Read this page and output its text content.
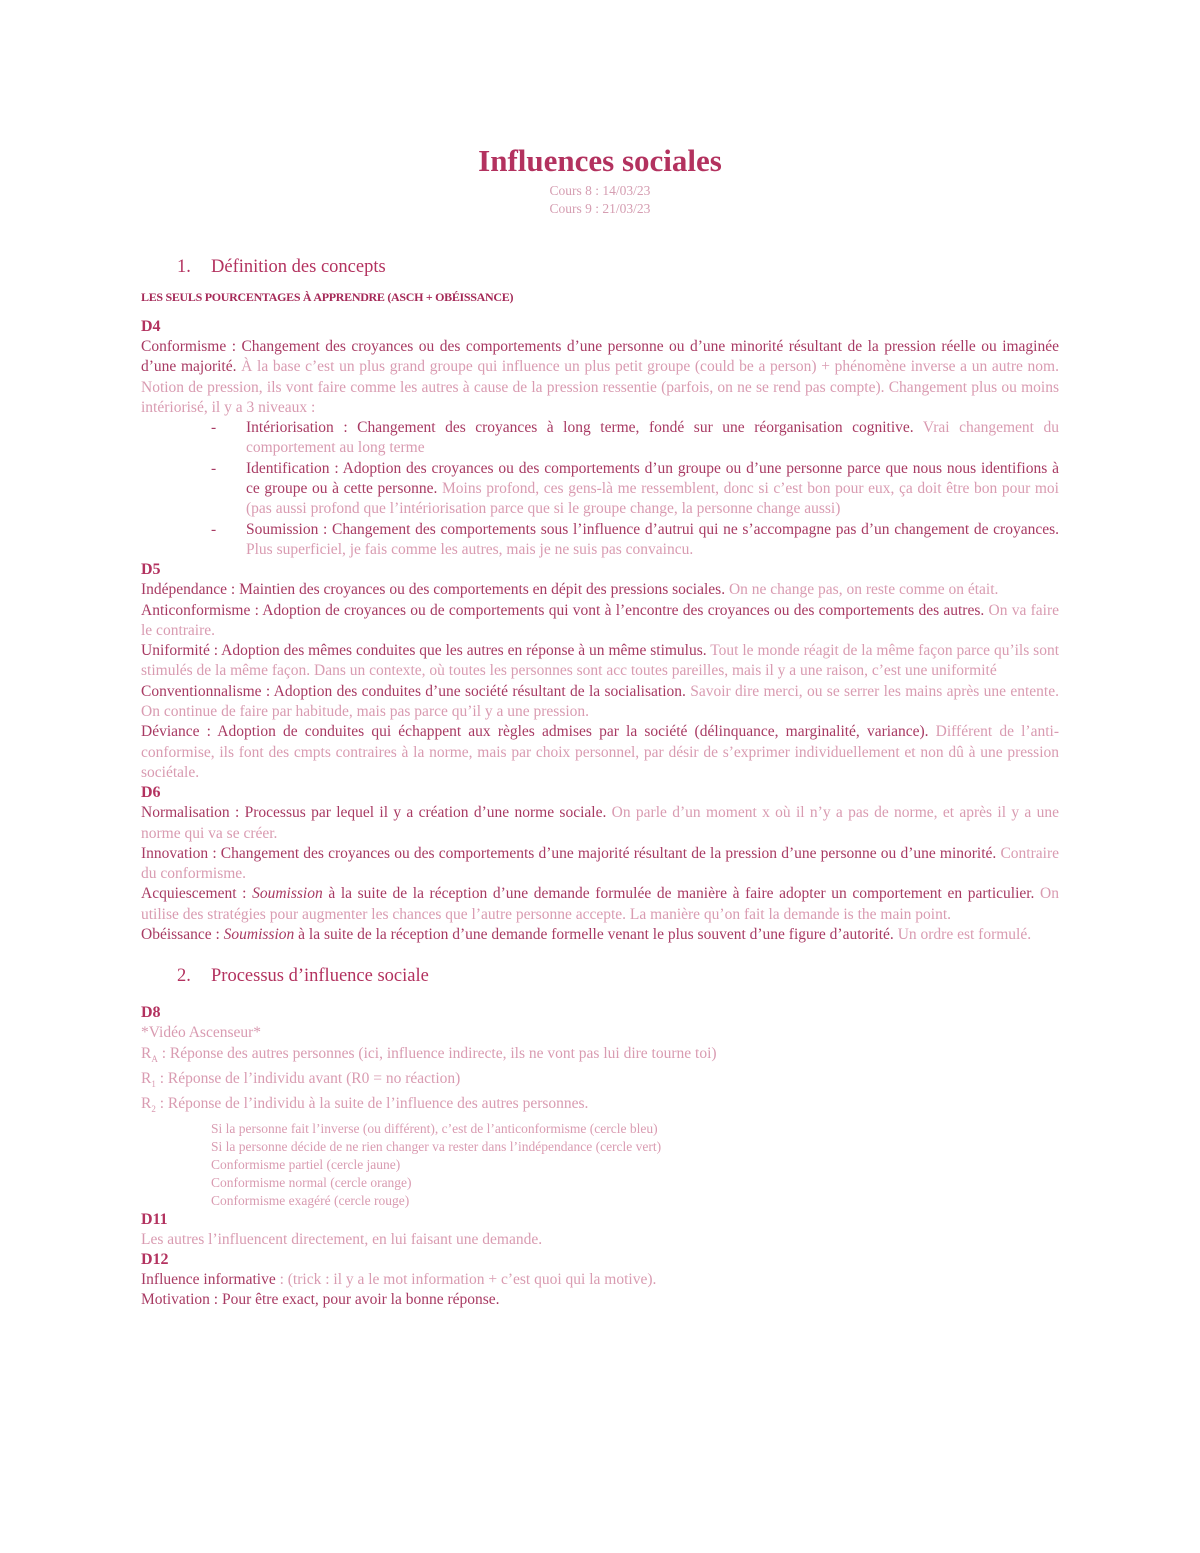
Influences sociales
Cours 8 : 14/03/23
Cours 9 : 21/03/23
1. Définition des concepts
LES SEULS POURCENTAGES À APPRENDRE (ASCH + OBÉISSANCE)
D4
Conformisme : Changement des croyances ou des comportements d’une personne ou d’une minorité résultant de la pression réelle ou imaginée d’une majorité. À la base c’est un plus grand groupe qui influence un plus petit groupe (could be a person) + phénomène inverse a un autre nom. Notion de pression, ils vont faire comme les autres à cause de la pression ressentie (parfois, on ne se rend pas compte). Changement plus ou moins intériorisé, il y a 3 niveaux :
- Intériorisation : Changement des croyances à long terme, fondé sur une réorganisation cognitive. Vrai changement du comportement au long terme
- Identification : Adoption des croyances ou des comportements d’un groupe ou d’une personne parce que nous nous identifions à ce groupe ou à cette personne. Moins profond, ces gens-là me ressemblent, donc si c’est bon pour eux, ça doit être bon pour moi (pas aussi profond que l’intériorisation parce que si le groupe change, la personne change aussi)
- Soumission : Changement des comportements sous l’influence d’autrui qui ne s’accompagne pas d’un changement de croyances. Plus superficiel, je fais comme les autres, mais je ne suis pas convaincu.
D5
Indépendance : Maintien des croyances ou des comportements en dépit des pressions sociales. On ne change pas, on reste comme on était.
Anticonformisme : Adoption de croyances ou de comportements qui vont à l’encontre des croyances ou des comportements des autres. On va faire le contraire.
Uniformité : Adoption des mêmes conduites que les autres en réponse à un même stimulus. Tout le monde réagit de la même façon parce qu’ils sont stimulés de la même façon. Dans un contexte, où toutes les personnes sont acc toutes pareilles, mais il y a une raison, c’est une uniformité
Conventionnalisme : Adoption des conduites d’une société résultant de la socialisation. Savoir dire merci, ou se serrer les mains après une entente. On continue de faire par habitude, mais pas parce qu’il y a une pression.
Déviance : Adoption de conduites qui échappent aux règles admises par la société (délinquance, marginalité, variance). Différent de l’anti-conformise, ils font des cmpts contraires à la norme, mais par choix personnel, par désir de s’exprimer individuellement et non dû à une pression sociétale.
D6
Normalisation : Processus par lequel il y a création d’une norme sociale. On parle d’un moment x où il n’y a pas de norme, et après il y a une norme qui va se créer.
Innovation : Changement des croyances ou des comportements d’une majorité résultant de la pression d’une personne ou d’une minorité. Contraire du conformisme.
Acquiescement : Soumission à la suite de la réception d’une demande formulée de manière à faire adopter un comportement en particulier. On utilise des stratégies pour augmenter les chances que l’autre personne accepte. La manière qu’on fait la demande is the main point.
Obéissance : Soumission à la suite de la réception d’une demande formelle venant le plus souvent d’une figure d’autorité. Un ordre est formulé.
2. Processus d’influence sociale
D8
*Vidéo Ascenseur*
$R_A$ : Réponse des autres personnes (ici, influence indirecte, ils ne vont pas lui dire tourne toi)
$R_1$ : Réponse de l’individu avant (R0 = no réaction)
$R_2$ : Réponse de l’individu à la suite de l’influence des autres personnes.
Si la personne fait l’inverse (ou différent), c’est de l’anticonformisme (cercle bleu)
Si la personne décide de ne rien changer va rester dans l’indépendance (cercle vert)
Conformisme partiel (cercle jaune)
Conformisme normal (cercle orange)
Conformisme exagéré (cercle rouge)
D11
Les autres l’influencent directement, en lui faisant une demande.
D12
Influence informative : (trick : il y a le mot information + c’est quoi qui la motive).
Motivation : Pour être exact, pour avoir la bonne réponse.
